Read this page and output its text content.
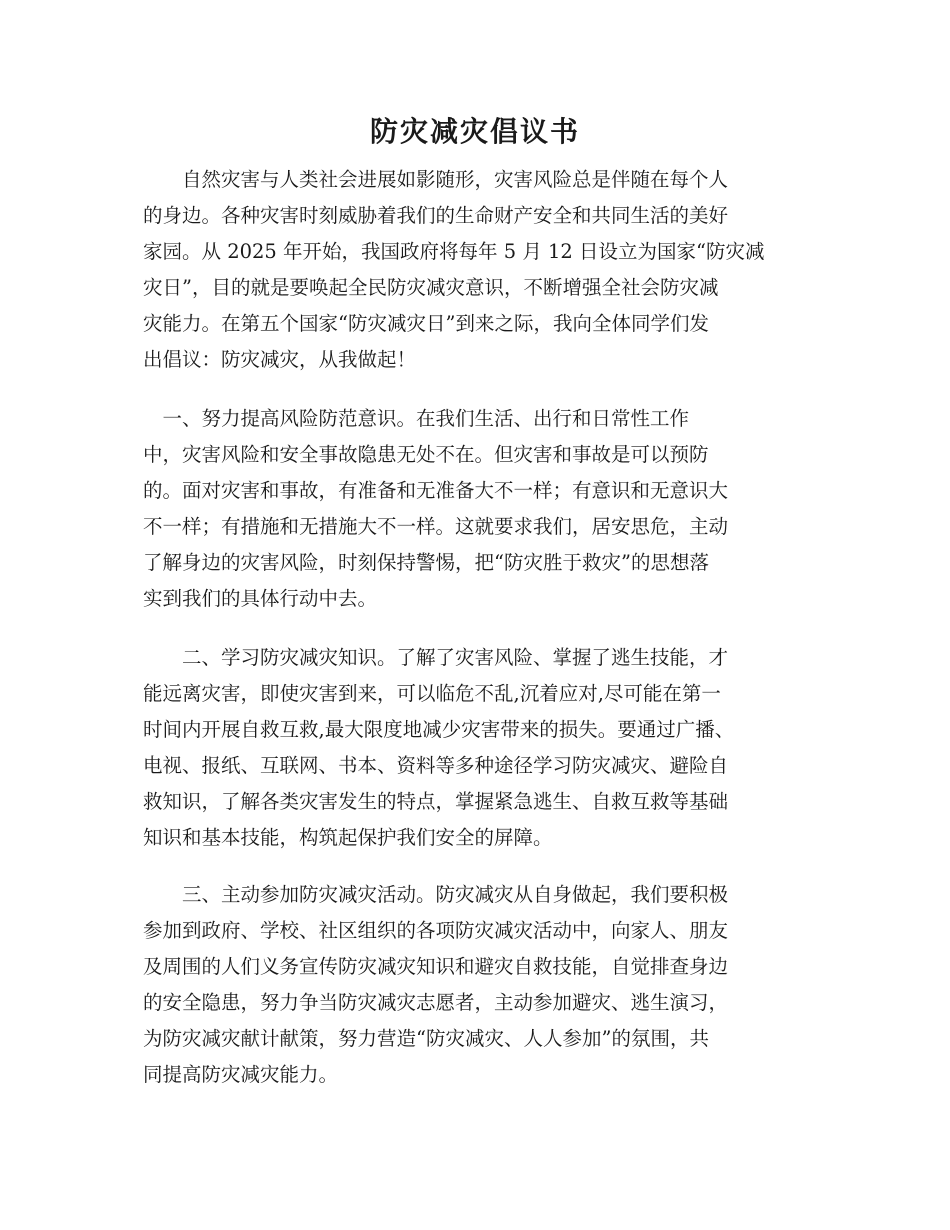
防灾减灾倡议书
　　自然灾害与人类社会进展如影随形，灾害风险总是伴随在每个人
的身边。各种灾害时刻威胁着我们的生命财产安全和共同生活的美好
家园。从 2025 年开始，我国政府将每年 5 月 12 日设立为国家“防灾减
灾日”，目的就是要唤起全民防灾减灾意识，不断增强全社会防灾减
灾能力。在第五个国家“防灾减灾日”到来之际，我向全体同学们发
出倡议：防灾减灾，从我做起！
　一、努力提高风险防范意识。在我们生活、出行和日常性工作
中，灾害风险和安全事故隐患无处不在。但灾害和事故是可以预防
的。面对灾害和事故，有准备和无准备大不一样；有意识和无意识大
不一样；有措施和无措施大不一样。这就要求我们，居安思危，主动
了解身边的灾害风险，时刻保持警惕，把“防灾胜于救灾”的思想落
实到我们的具体行动中去。
　　二、学习防灾减灾知识。了解了灾害风险、掌握了逃生技能，才
能远离灾害，即使灾害到来，可以临危不乱,沉着应对,尽可能在第一
时间内开展自救互救,最大限度地减少灾害带来的损失。要通过广播、
电视、报纸、互联网、书本、资料等多种途径学习防灾减灾、避险自
救知识，了解各类灾害发生的特点，掌握紧急逃生、自救互救等基础
知识和基本技能，构筑起保护我们安全的屏障。
　　三、主动参加防灾减灾活动。防灾减灾从自身做起，我们要积极
参加到政府、学校、社区组织的各项防灾减灾活动中，向家人、朋友
及周围的人们义务宣传防灾减灾知识和避灾自救技能，自觉排查身边
的安全隐患，努力争当防灾减灾志愿者，主动参加避灾、逃生演习，
为防灾减灾献计献策，努力营造“防灾减灾、人人参加”的氛围，共
同提高防灾减灾能力。
